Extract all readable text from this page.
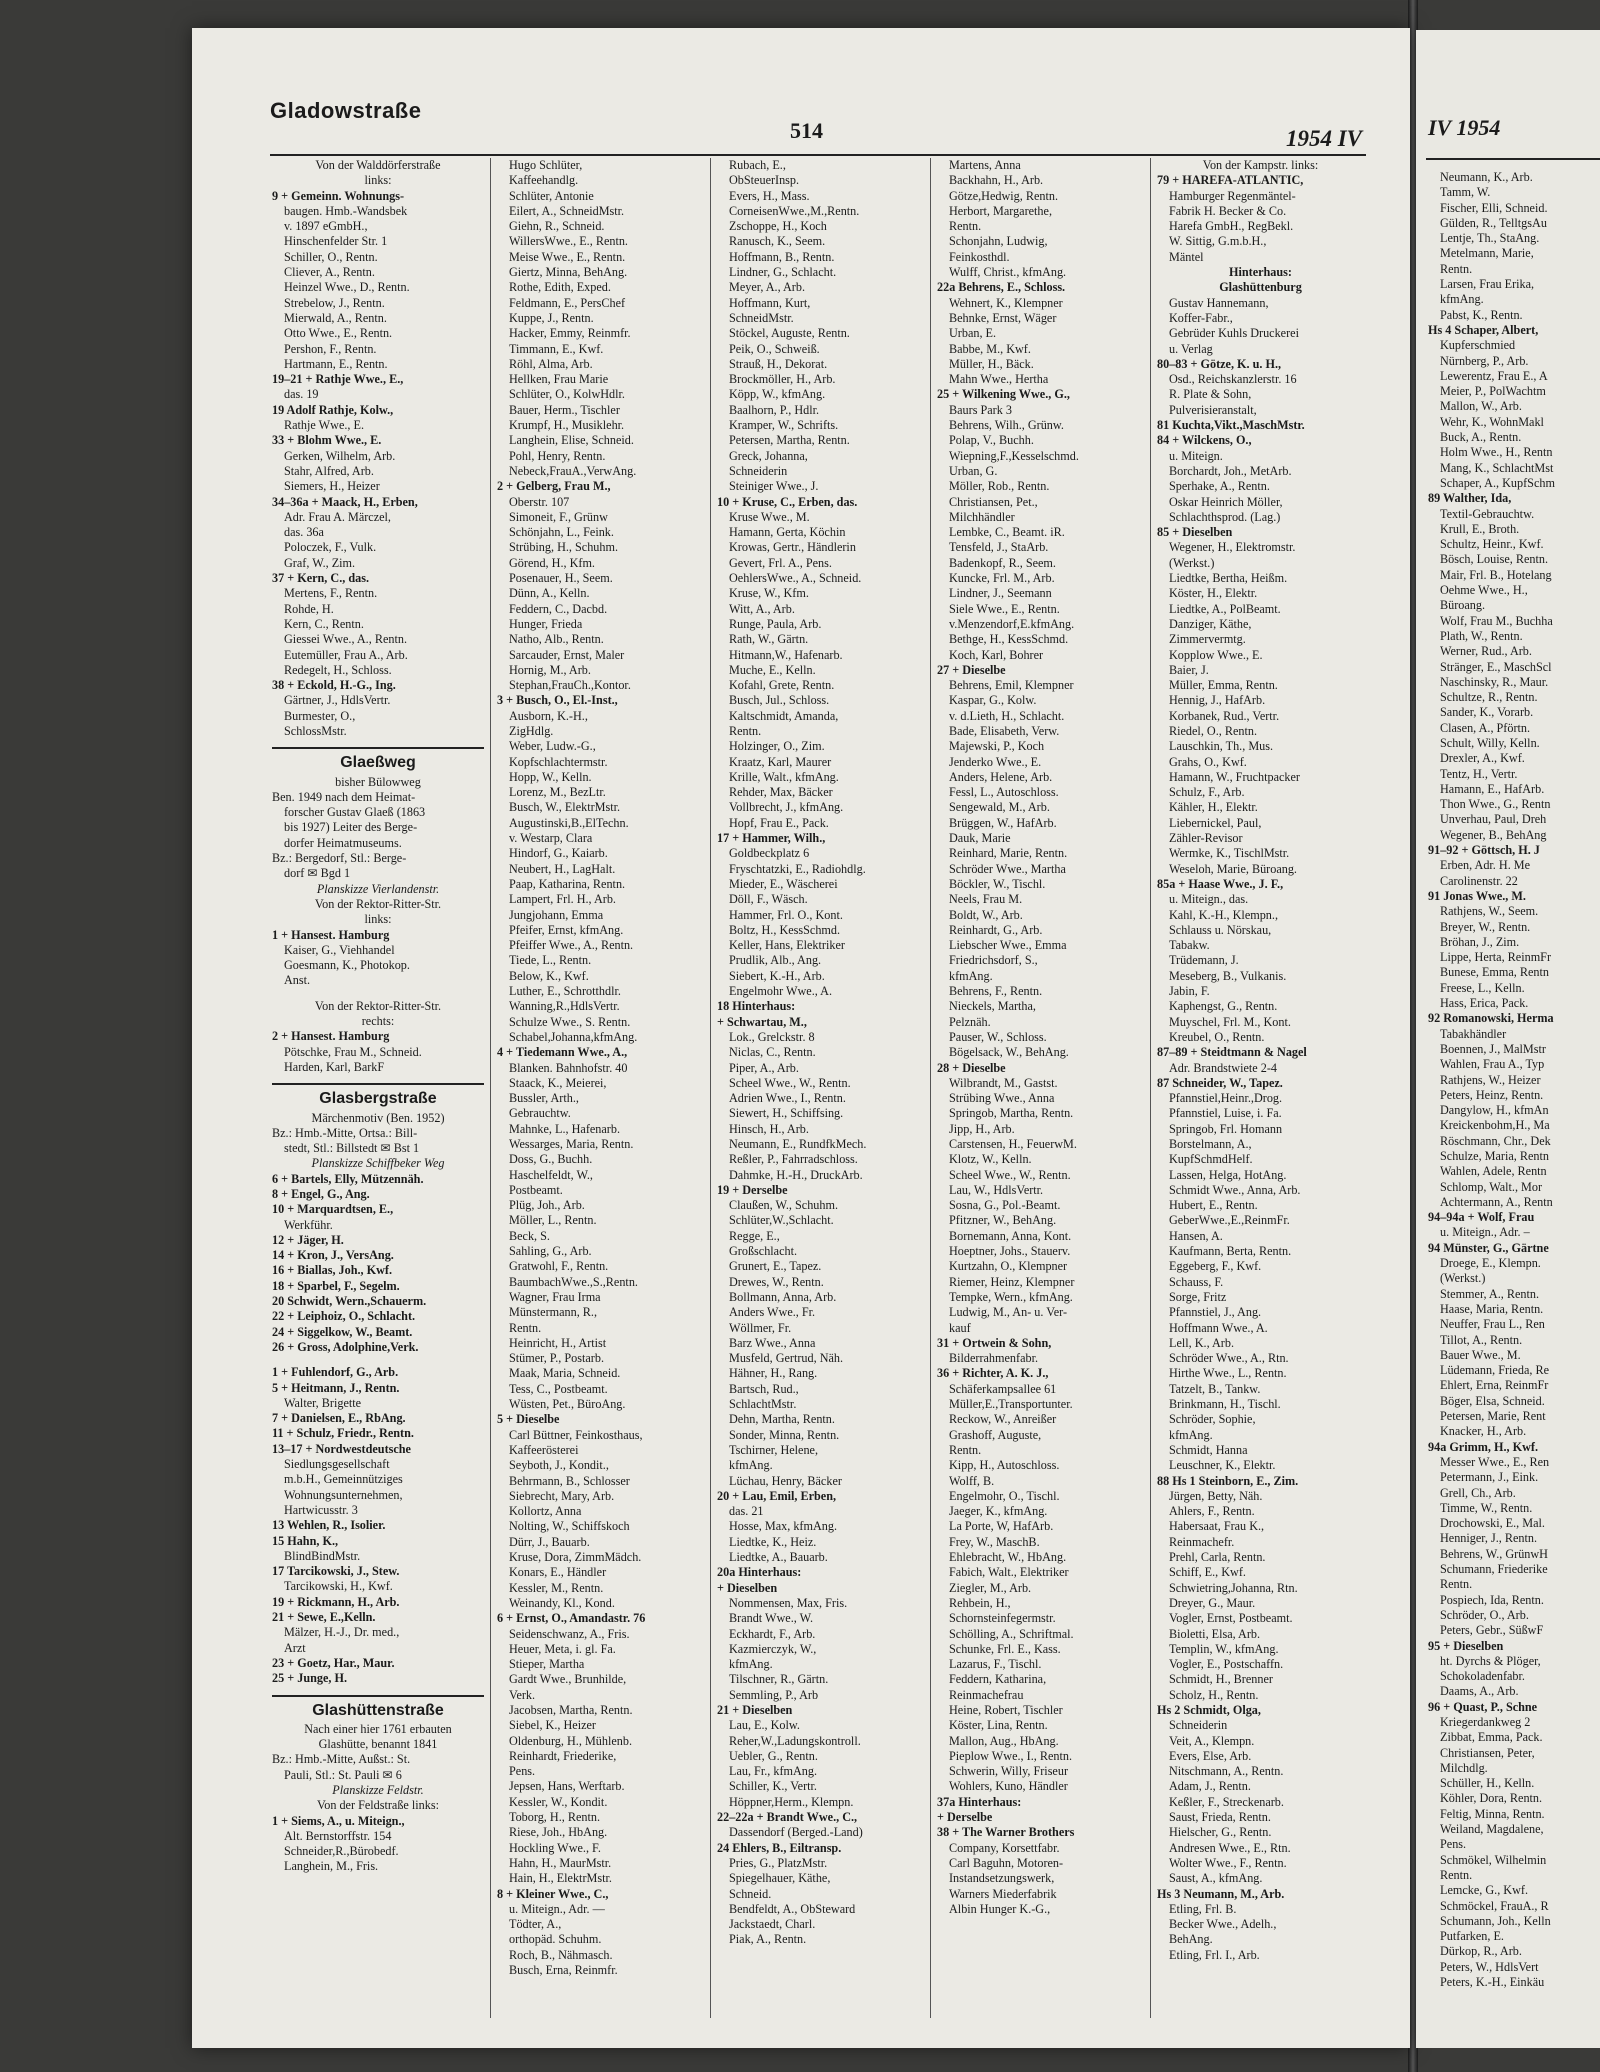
Gladowstraße
514	1954 IV
Von der Walddörferstraße
links:
9 + Gemeinn. Wohnungs-
baugen. Hmb.-Wandsbek
v. 1897 eGmbH.,
Hinschenfelder Str. 1
Schiller, O., Rentn.
Cliever, A., Rentn.
Heinzel Wwe., D., Rentn.
Strebelow, J., Rentn.
Mierwald, A., Rentn.
Otto Wwe., E., Rentn.
Pershon, F., Rentn.
Hartmann, E., Rentn.
19–21 + Rathje Wwe., E.,
das. 19
19 Adolf Rathje, Kolw.,
Rathje Wwe., E.
33 + Blohm Wwe., E.
Gerken, Wilhelm, Arb.
Stahr, Alfred, Arb.
Siemers, H., Heizer
34–36a + Maack, H., Erben,
Adr. Frau A. Märczel,
das. 36a
Poloczek, F., Vulk.
Graf, W., Zim.
37 + Kern, C., das.
Mertens, F., Rentn.
Rohde, H.
Kern, C., Rentn.
Giessei Wwe., A., Rentn.
Eutemüller, Frau A., Arb.
Redegelt, H., Schloss.
38 + Eckold, H.-G., Ing.
Gärtner, J., HdlsVertr.
Burmester, O.,
SchlossMstr.
Glaeßweg
bisher Bülowweg
Ben. 1949 nach dem Heimat-
forscher Gustav Glaeß (1863
bis 1927) Leiter des Berge-
dorfer Heimatmuseums.
Bz.: Bergedorf, Stl.: Berge-
dorf ✉ Bgd 1
Planskizze Vierlandenstr.
Von der Rektor-Ritter-Str.
links:
1 + Hansest. Hamburg
Kaiser, G., Viehhandel
Goesmann, K., Photokop.
Anst.
Von der Rektor-Ritter-Str.
rechts:
2 + Hansest. Hamburg
Pötschke, Frau M., Schneid.
Harden, Karl, BarkF
Glasbergstraße
Märchenmotiv (Ben. 1952)
Bz.: Hmb.-Mitte, Ortsa.: Bill-
stedt, Stl.: Billstedt ✉ Bst 1
Planskizze Schiffbeker Weg
6 + Bartels, Elly, Mützennäh.
8 + Engel, G., Ang.
10 + Marquardtsen, E.,
Werkführ.
12 + Jäger, H.
14 + Kron, J., VersAng.
16 + Biallas, Joh., Kwf.
18 + Sparbel, F., Segelm.
20 Schwidt, Wern.,Schauerm.
22 + Leiphoiz, O., Schlacht.
24 + Siggelkow, W., Beamt.
26 + Gross, Adolphine,Verk.
1 + Fuhlendorf, G., Arb.
5 + Heitmann, J., Rentn.
Walter, Brigette
7 + Danielsen, E., RbAng.
11 + Schulz, Friedr., Rentn.
13–17 + Nordwestdeutsche
Siedlungsgesellschaft
m.b.H., Gemeinnütziges
Wohnungsunternehmen,
Hartwicusstr. 3
13 Wehlen, R., Isolier.
15 Hahn, K.,
BlindBindMstr.
17 Tarcikowski, J., Stew.
Tarcikowski, H., Kwf.
19 + Rickmann, H., Arb.
21 + Sewe, E.,Kelln.
Mälzer, H.-J., Dr. med.,
Arzt
23 + Goetz, Har., Maur.
25 + Junge, H.
Glashüttenstraße
Nach einer hier 1761 erbauten
Glashütte, benannt 1841
Bz.: Hmb.-Mitte, Außst.: St.
Pauli, Stl.: St. Pauli ✉ 6
Planskizze Feldstr.
Von der Feldstraße links:
1 + Siems, A., u. Miteign.,
Alt. Bernstorffstr. 154
Schneider,R.,Bürobedf.
Langhein, M., Fris.
Hugo Schlüter,
Kaffeehandlg.
Schlüter, Antonie
Eilert, A., SchneidMstr.
Giehn, R., Schneid.
WillersWwe., E., Rentn.
Meise Wwe., E., Rentn.
Giertz, Minna, BehAng.
Rothe, Edith, Exped.
Feldmann, E., PersChef
Kuppe, J., Rentn.
Hacker, Emmy, Reinmfr.
Timmann, E., Kwf.
Röhl, Alma, Arb.
Hellken, Frau Marie
Schlüter, O., KolwHdlr.
Bauer, Herm., Tischler
Krumpf, H., Musiklehr.
Langhein, Elise, Schneid.
Pohl, Henry, Rentn.
Nebeck,FrauA.,VerwAng.
2 + Gelberg, Frau M.,
Oberstr. 107
Simoneit, F., Grünw
Schönjahn, L., Feink.
Strübing, H., Schuhm.
Görend, H., Kfm.
Posenauer, H., Seem.
Dünn, A., Kelln.
Feddern, C., Dacbd.
Hunger, Frieda
Natho, Alb., Rentn.
Sarcauder, Ernst, Maler
Hornig, M., Arb.
Stephan,FrauCh.,Kontor.
3 + Busch, O., El.-Inst.,
Ausborn, K.-H.,
ZigHdlg.
Weber, Ludw.-G.,
Kopfschlachtermstr.
Hopp, W., Kelln.
Lorenz, M., BezLtr.
Busch, W., ElektrMstr.
Augustinski,B.,ElTechn.
v. Westarp, Clara
Hindorf, G., Kaiarb.
Neubert, H., LagHalt.
Paap, Katharina, Rentn.
Lampert, Frl. H., Arb.
Jungjohann, Emma
Pfeifer, Ernst, kfmAng.
Pfeiffer Wwe., A., Rentn.
Tiede, L., Rentn.
Below, K., Kwf.
Luther, E., Schrotthdlr.
Wanning,R.,HdlsVertr.
Schulze Wwe., S. Rentn.
Schabel,Johanna,kfmAng.
4 + Tiedemann Wwe., A.,
Blanken. Bahnhofstr. 40
Staack, K., Meierei,
Bussler, Arth.,
Gebrauchtw.
Mahnke, L., Hafenarb.
Wessarges, Maria, Rentn.
Doss, G., Buchh.
Haschelfeldt, W.,
Postbeamt.
Plüg, Joh., Arb.
Möller, L., Rentn.
Beck, S.
Sahling, G., Arb.
Gratwohl, F., Rentn.
BaumbachWwe.,S.,Rentn.
Wagner, Frau Irma
Münstermann, R.,
Rentn.
Heinricht, H., Artist
Stümer, P., Postarb.
Maak, Maria, Schneid.
Tess, C., Postbeamt.
Wüsten, Pet., BüroAng.
5 + Dieselbe
Carl Büttner, Feinkosthaus,
Kaffeerösterei
Seyboth, J., Kondit.,
Behrmann, B., Schlosser
Siebrecht, Mary, Arb.
Kollortz, Anna
Nolting, W., Schiffskoch
Dürr, J., Bauarb.
Kruse, Dora, ZimmMädch.
Konars, E., Händler
Kessler, M., Rentn.
Weinandy, Kl., Kond.
6 + Ernst, O., Amandastr. 76
Seidenschwanz, A., Fris.
Heuer, Meta, i. gl. Fa.
Stieper, Martha
Gardt Wwe., Brunhilde,
Verk.
Jacobsen, Martha, Rentn.
Siebel, K., Heizer
Oldenburg, H., Mühlenb.
Reinhardt, Friederike,
Pens.
Jepsen, Hans, Werftarb.
Kessler, W., Kondit.
Toborg, H., Rentn.
Riese, Joh., HbAng.
Hockling Wwe., F.
Hahn, H., MaurMstr.
Hain, H., ElektrMstr.
8 + Kleiner Wwe., C.,
u. Miteign., Adr. —
Tödter, A.,
orthopäd. Schuhm.
Roch, B., Nähmasch.
Busch, Erna, Reinmfr.
Rubach, E.,
ObSteuerInsp.
Evers, H., Mass.
CorneisenWwe.,M.,Rentn.
Zschoppe, H., Koch
Ranusch, K., Seem.
Hoffmann, B., Rentn.
Lindner, G., Schlacht.
Meyer, A., Arb.
Hoffmann, Kurt,
SchneidMstr.
Stöckel, Auguste, Rentn.
Peik, O., Schweiß.
Strauß, H., Dekorat.
Brockmöller, H., Arb.
Köpp, W., kfmAng.
Baalhorn, P., Hdlr.
Kramper, W., Schrifts.
Petersen, Martha, Rentn.
Greck, Johanna,
Schneiderin
Steiniger Wwe., J.
10 + Kruse, C., Erben, das.
Kruse Wwe., M.
Hamann, Gerta, Köchin
Krowas, Gertr., Händlerin
Gevert, Frl. A., Pens.
OehlersWwe., A., Schneid.
Kruse, W., Kfm.
Witt, A., Arb.
Runge, Paula, Arb.
Rath, W., Gärtn.
Hitmann,W., Hafenarb.
Muche, E., Kelln.
Kofahl, Grete, Rentn.
Busch, Jul., Schloss.
Kaltschmidt, Amanda,
Rentn.
Holzinger, O., Zim.
Kraatz, Karl, Maurer
Krille, Walt., kfmAng.
Rehder, Max, Bäcker
Vollbrecht, J., kfmAng.
Hopf, Frau E., Pack.
17 + Hammer, Wilh.,
Goldbeckplatz 6
Fryschtatzki, E., Radiohdlg.
Mieder, E., Wäscherei
Döll, F., Wäsch.
Hammer, Frl. O., Kont.
Boltz, H., KessSchmd.
Keller, Hans, Elektriker
Prudlik, Alb., Ang.
Siebert, K.-H., Arb.
Engelmohr Wwe., A.
18 Hinterhaus:
+ Schwartau, M.,
Lok., Grelckstr. 8
Niclas, C., Rentn.
Piper, A., Arb.
Scheel Wwe., W., Rentn.
Adrien Wwe., I., Rentn.
Siewert, H., Schiffsing.
Hinsch, H., Arb.
Neumann, E., RundfkMech.
Reßler, P., Fahrradschloss.
Dahmke, H.-H., DruckArb.
19 + Derselbe
Claußen, W., Schuhm.
Schlüter,W.,Schlacht.
Regge, E.,
Großschlacht.
Grunert, E., Tapez.
Drewes, W., Rentn.
Bollmann, Anna, Arb.
Anders Wwe., Fr.
Wöllmer, Fr.
Barz Wwe., Anna
Musfeld, Gertrud, Näh.
Hähner, H., Rang.
Bartsch, Rud.,
SchlachtMstr.
Dehn, Martha, Rentn.
Sonder, Minna, Rentn.
Tschirner, Helene,
kfmAng.
Lüchau, Henry, Bäcker
20 + Lau, Emil, Erben,
das. 21
Hosse, Max, kfmAng.
Liedtke, K., Heiz.
Liedtke, A., Bauarb.
20a Hinterhaus:
+ Dieselben
Nommensen, Max, Fris.
Brandt Wwe., W.
Eckhardt, F., Arb.
Kazmierczyk, W.,
kfmAng.
Tilschner, R., Gärtn.
Semmling, P., Arb
21 + Dieselben
Lau, E., Kolw.
Reher,W.,Ladungskontroll.
Uebler, G., Rentn.
Lau, Fr., kfmAng.
Schiller, K., Vertr.
Höppner,Herm., Klempn.
22–22a + Brandt Wwe., C.,
Dassendorf (Berged.-Land)
24 Ehlers, B., Eiltransp.
Pries, G., PlatzMstr.
Spiegelhauer, Käthe,
Schneid.
Bendfeldt, A., ObSteward
Jackstaedt, Charl.
Piak, A., Rentn.
Martens, Anna
Backhahn, H., Arb.
Götze,Hedwig, Rentn.
Herbort, Margarethe,
Rentn.
Schonjahn, Ludwig,
Feinkosthdl.
Wulff, Christ., kfmAng.
22a Behrens, E., Schloss.
Wehnert, K., Klempner
Behnke, Ernst, Wäger
Urban, E.
Babbe, M., Kwf.
Müller, H., Bäck.
Mahn Wwe., Hertha
25 + Wilkening Wwe., G.,
Baurs Park 3
Behrens, Wilh., Grünw.
Polap, V., Buchh.
Wiepning,F.,Kesselschmd.
Urban, G.
Möller, Rob., Rentn.
Christiansen, Pet.,
Milchhändler
Lembke, C., Beamt. iR.
Tensfeld, J., StaArb.
Badenkopf, R., Seem.
Kuncke, Frl. M., Arb.
Lindner, J., Seemann
Siele Wwe., E., Rentn.
v.Menzendorf,E.kfmAng.
Bethge, H., KessSchmd.
Koch, Karl, Bohrer
27 + Dieselbe
Behrens, Emil, Klempner
Kaspar, G., Kolw.
v. d.Lieth, H., Schlacht.
Bade, Elisabeth, Verw.
Majewski, P., Koch
Jenderko Wwe., E.
Anders, Helene, Arb.
Fessl, L., Autoschloss.
Sengewald, M., Arb.
Brüggen, W., HafArb.
Dauk, Marie
Reinhard, Marie, Rentn.
Schröder Wwe., Martha
Böckler, W., Tischl.
Neels, Frau M.
Boldt, W., Arb.
Reinhardt, G., Arb.
Liebscher Wwe., Emma
Friedrichsdorf, S.,
kfmAng.
Behrens, F., Rentn.
Nieckels, Martha,
Pelznäh.
Pauser, W., Schloss.
Bögelsack, W., BehAng.
28 + Dieselbe
Wilbrandt, M., Gastst.
Strübing Wwe., Anna
Springob, Martha, Rentn.
Jipp, H., Arb.
Carstensen, H., FeuerwM.
Klotz, W., Kelln.
Scheel Wwe., W., Rentn.
Lau, W., HdlsVertr.
Sosna, G., Pol.-Beamt.
Pfitzner, W., BehAng.
Bornemann, Anna, Kont.
Hoeptner, Johs., Stauerv.
Kurtzahn, O., Klempner
Riemer, Heinz, Klempner
Tempke, Wern., kfmAng.
Ludwig, M., An- u. Ver-
kauf
31 + Ortwein & Sohn,
Bilderrahmenfabr.
36 + Richter, A. K. J.,
Schäferkampsallee 61
Müller,E.,Transportunter.
Reckow, W., Anreißer
Grashoff, Auguste,
Rentn.
Kipp, H., Autoschloss.
Wolff, B.
Engelmohr, O., Tischl.
Jaeger, K., kfmAng.
La Porte, W, HafArb.
Frey, W., MaschB.
Ehlebracht, W., HbAng.
Fabich, Walt., Elektriker
Ziegler, M., Arb.
Rehbein, H.,
Schornsteinfegermstr.
Schölling, A., Schriftmal.
Schunke, Frl. E., Kass.
Lazarus, F., Tischl.
Feddern, Katharina,
Reinmachefrau
Heine, Robert, Tischler
Köster, Lina, Rentn.
Mallon, Aug., HbAng.
Pieplow Wwe., I., Rentn.
Schwerin, Willy, Friseur
Wohlers, Kuno, Händler
37a Hinterhaus:
+ Derselbe
38 + The Warner Brothers
Company, Korsettfabr.
Carl Baguhn, Motoren-
Instandsetzungswerk,
Warners Miederfabrik
Albin Hunger K.-G.,
Von der Kampstr. links:
79 + HAREFA-ATLANTIC,
Hamburger Regenmäntel-
Fabrik H. Becker & Co.
Harefa GmbH., RegBekl.
W. Sittig, G.m.b.H.,
Mäntel
Hinterhaus:
Glashüttenburg
Gustav Hannemann,
Koffer-Fabr.,
Gebrüder Kuhls Druckerei
u. Verlag
80–83 + Götze, K. u. H.,
Osd., Reichskanzlerstr. 16
R. Plate & Sohn,
Pulverisieranstalt,
81 Kuchta,Vikt.,MaschMstr.
84 + Wilckens, O.,
u. Miteign.
Borchardt, Joh., MetArb.
Sperhake, A., Rentn.
Oskar Heinrich Möller,
Schlachthsprod. (Lag.)
85 + Dieselben
Wegener, H., Elektromstr.
(Werkst.)
Liedtke, Bertha, Heißm.
Köster, H., Elektr.
Liedtke, A., PolBeamt.
Danziger, Käthe,
Zimmervermtg.
Kopplow Wwe., E.
Baier, J.
Müller, Emma, Rentn.
Hennig, J., HafArb.
Korbanek, Rud., Vertr.
Riedel, O., Rentn.
Lauschkin, Th., Mus.
Grahs, O., Kwf.
Hamann, W., Fruchtpacker
Schulz, F., Arb.
Kähler, H., Elektr.
Liebernickel, Paul,
Zähler-Revisor
Wermke, K., TischlMstr.
Weseloh, Marie, Büroang.
85a + Haase Wwe., J. F.,
u. Miteign., das.
Kahl, K.-H., Klempn.,
Schlauss u. Nörskau,
Tabakw.
Trüdemann, J.
Meseberg, B., Vulkanis.
Jabin, F.
Kaphengst, G., Rentn.
Muyschel, Frl. M., Kont.
Kreubel, O., Rentn.
87–89 + Steidtmann & Nagel
Adr. Brandstwiete 2-4
87 Schneider, W., Tapez.
Pfannstiel,Heinr.,Drog.
Pfannstiel, Luise, i. Fa.
Springob, Frl. Homann
Borstelmann, A.,
KupfSchmdHelf.
Lassen, Helga, HotAng.
Schmidt Wwe., Anna, Arb.
Hubert, E., Rentn.
GeberWwe.,E.,ReinmFr.
Hansen, A.
Kaufmann, Berta, Rentn.
Eggeberg, F., Kwf.
Schauss, F.
Sorge, Fritz
Pfannstiel, J., Ang.
Hoffmann Wwe., A.
Lell, K., Arb.
Schröder Wwe., A., Rtn.
Hirthe Wwe., L., Rentn.
Tatzelt, B., Tankw.
Brinkmann, H., Tischl.
Schröder, Sophie,
kfmAng.
Schmidt, Hanna
Leuschner, K., Elektr.
88 Hs 1 Steinborn, E., Zim.
Jürgen, Betty, Näh.
Ahlers, F., Rentn.
Habersaat, Frau K.,
Reinmachefr.
Prehl, Carla, Rentn.
Schiff, E., Kwf.
Schwietring,Johanna, Rtn.
Dreyer, G., Maur.
Vogler, Ernst, Postbeamt.
Bioletti, Elsa, Arb.
Templin, W., kfmAng.
Vogler, E., Postschaffn.
Schmidt, H., Brenner
Scholz, H., Rentn.
Hs 2 Schmidt, Olga,
Schneiderin
Veit, A., Klempn.
Evers, Else, Arb.
Nitschmann, A., Rentn.
Adam, J., Rentn.
Keßler, F., Streckenarb.
Saust, Frieda, Rentn.
Hielscher, G., Rentn.
Andresen Wwe., E., Rtn.
Wolter Wwe., F., Rentn.
Saust, A., kfmAng.
Hs 3 Neumann, M., Arb.
Etling, Frl. B.
Becker Wwe., Adelh.,
BehAng.
Etling, Frl. I., Arb.
IV 1954
Neumann, K., Arb.
Tamm, W.
Fischer, Elli, Schneid.
Gülden, R., TelltgsAu
Lentje, Th., StaAng.
Metelmann, Marie,
Rentn.
Larsen, Frau Erika,
kfmAng.
Pabst, K., Rentn.
Hs 4 Schaper, Albert,
Kupferschmied
Nürnberg, P., Arb.
Lewerentz, Frau E., A
Meier, P., PolWachtm
Mallon, W., Arb.
Wehr, K., WohnMakl
Buck, A., Rentn.
Holm Wwe., H., Rentn
Mang, K., SchlachtMst
Schaper, A., KupfSchm
89 Walther, Ida,
Textil-Gebrauchtw.
Krull, E., Broth.
Schultz, Heinr., Kwf.
Bösch, Louise, Rentn.
Mair, Frl. B., Hotelang
Oehme Wwe., H.,
Büroang.
Wolf, Frau M., Buchha
Plath, W., Rentn.
Werner, Rud., Arb.
Stränger, E., MaschScl
Naschinsky, R., Maur.
Schultze, R., Rentn.
Sander, K., Vorarb.
Clasen, A., Pförtn.
Schult, Willy, Kelln.
Drexler, A., Kwf.
Tentz, H., Vertr.
Hamann, E., HafArb.
Thon Wwe., G., Rentn
Unverhau, Paul, Dreh
Wegener, B., BehAng
91–92 + Göttsch, H. J
Erben, Adr. H. Me
Carolinenstr. 22
91 Jonas Wwe., M.
Rathjens, W., Seem.
Breyer, W., Rentn.
Bröhan, J., Zim.
Lippe, Herta, ReinmFr
Bunese, Emma, Rentn
Freese, L., Kelln.
Hass, Erica, Pack.
92 Romanowski, Herma
Tabakhändler
Boennen, J., MalMstr
Wahlen, Frau A., Typ
Rathjens, W., Heizer
Peters, Heinz, Rentn.
Dangylow, H., kfmAn
Kreickenbohm,H., Ma
Röschmann, Chr., Dek
Schulze, Maria, Rentn
Wahlen, Adele, Rentn
Schlomp, Walt., Mor
Achtermann, A., Rentn
94–94a + Wolf, Frau
u. Miteign., Adr. –
94 Münster, G., Gärtne
Droege, E., Klempn.
(Werkst.)
Stemmer, A., Rentn.
Haase, Maria, Rentn.
Neuffer, Frau L., Ren
Tillot, A., Rentn.
Bauer Wwe., M.
Lüdemann, Frieda, Re
Ehlert, Erna, ReinmFr
Böger, Elsa, Schneid.
Petersen, Marie, Rent
Knacker, H., Arb.
94a Grimm, H., Kwf.
Messer Wwe., E., Ren
Petermann, J., Eink.
Grell, Ch., Arb.
Timme, W., Rentn.
Drochowski, E., Mal.
Henniger, J., Rentn.
Behrens, W., GrünwH
Schumann, Friederike
Rentn.
Pospiech, Ida, Rentn.
Schröder, O., Arb.
Peters, Gebr., SüßwF
95 + Dieselben
ht. Dyrchs & Plöger,
Schokoladenfabr.
Daams, A., Arb.
96 + Quast, P., Schne
Kriegerdankweg 2
Zibbat, Emma, Pack.
Christiansen, Peter,
Milchdlg.
Schüller, H., Kelln.
Köhler, Dora, Rentn.
Feltig, Minna, Rentn.
Weiland, Magdalene,
Pens.
Schmökel, Wilhelmin
Rentn.
Lemcke, G., Kwf.
Schmöckel, FrauA., R
Schumann, Joh., Kelln
Putfarken, E.
Dürkop, R., Arb.
Peters, W., HdlsVert
Peters, K.-H., Einkäu
